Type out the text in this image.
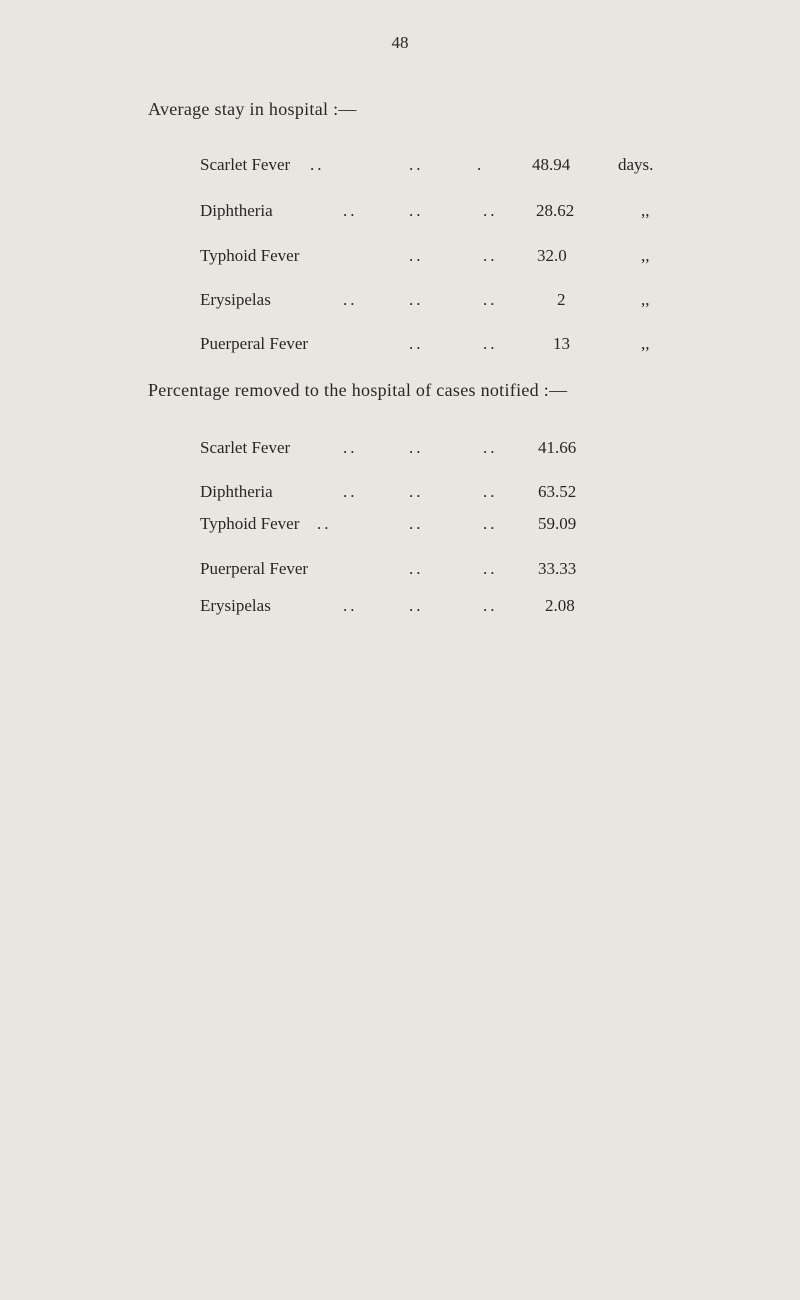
48
Average stay in hospital :—
Scarlet Fever ..	..	.	48.94	days.
Diphtheria	..	..	.. 28.62	,,
Typhoid Fever	..	.. 32.0	,,
Erysipelas	..	..	..	2	,,
Puerperal Fever	..	..	13	,,
Percentage removed to the hospital of cases notified :—
Scarlet Fever	..	..	.. 41.66
Diphtheria	..	..	.. 63.52
Typhoid Fever ..	..	.. 59.09
Puerperal Fever	..	.. 33.33
Erysipelas	..	..	..	2.08
